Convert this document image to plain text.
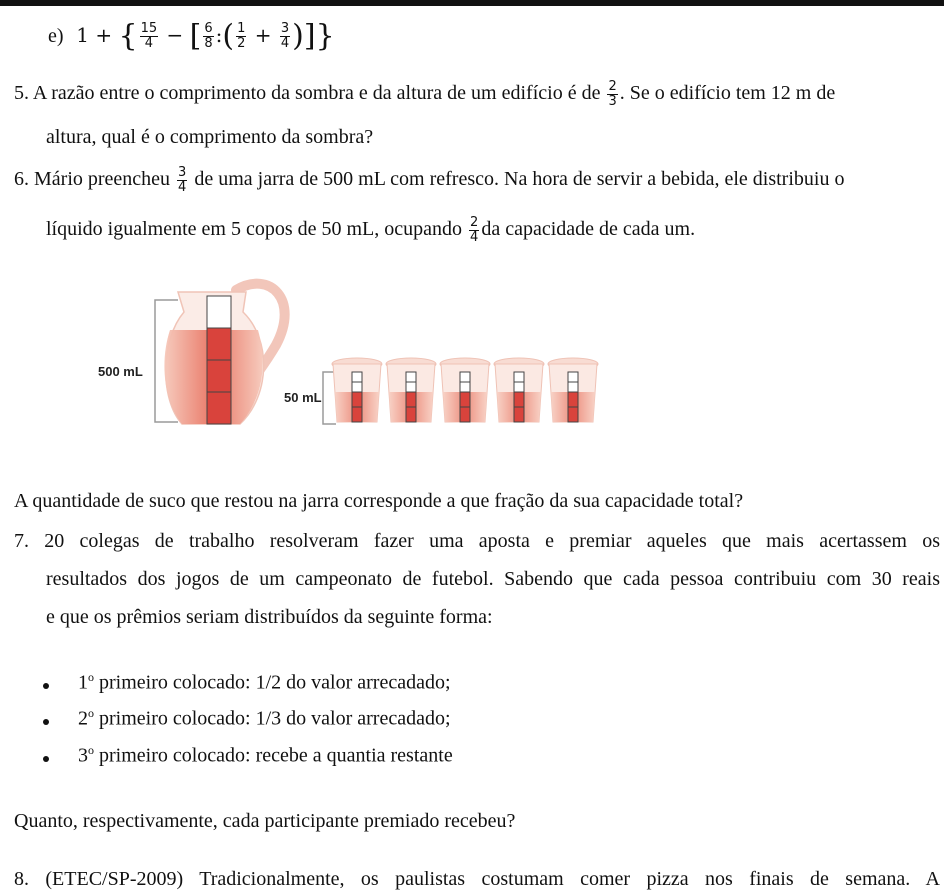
e) 1 + { $\frac{15}{4}$ − [ $\frac{6}{8}$ :( $\frac{1}{2} + \frac{3}{4}$ )]}
5. A razão entre o comprimento da sombra e da altura de um edifício é de $\frac{2}{3}$ . Se o edifício tem 12 m de
altura, qual é o comprimento da sombra?
6. Mário preencheu $\frac{3}{4}$ de uma jarra de 500 mL com refresco. Na hora de servir a bebida, ele distribuiu o
líquido igualmente em 5 copos de 50 mL, ocupando $\frac{2}{4}$ da capacidade de cada um.
500 mL
50 mL
A quantidade de suco que restou na jarra corresponde a que fração da sua capacidade total?
7. 20 colegas de trabalho resolveram fazer uma aposta e premiar aqueles que mais acertassem os
resultados dos jogos de um campeonato de futebol. Sabendo que cada pessoa contribuiu com 30 reais
e que os prêmios seriam distribuídos da seguinte forma:
1$^o$ primeiro colocado: 1/2 do valor arrecadado;
2$^o$ primeiro colocado: 1/3 do valor arrecadado;
3$^o$ primeiro colocado: recebe a quantia restante
Quanto, respectivamente, cada participante premiado recebeu?
8. (ETEC/SP-2009) Tradicionalmente, os paulistas costumam comer pizza nos finais de semana. A
